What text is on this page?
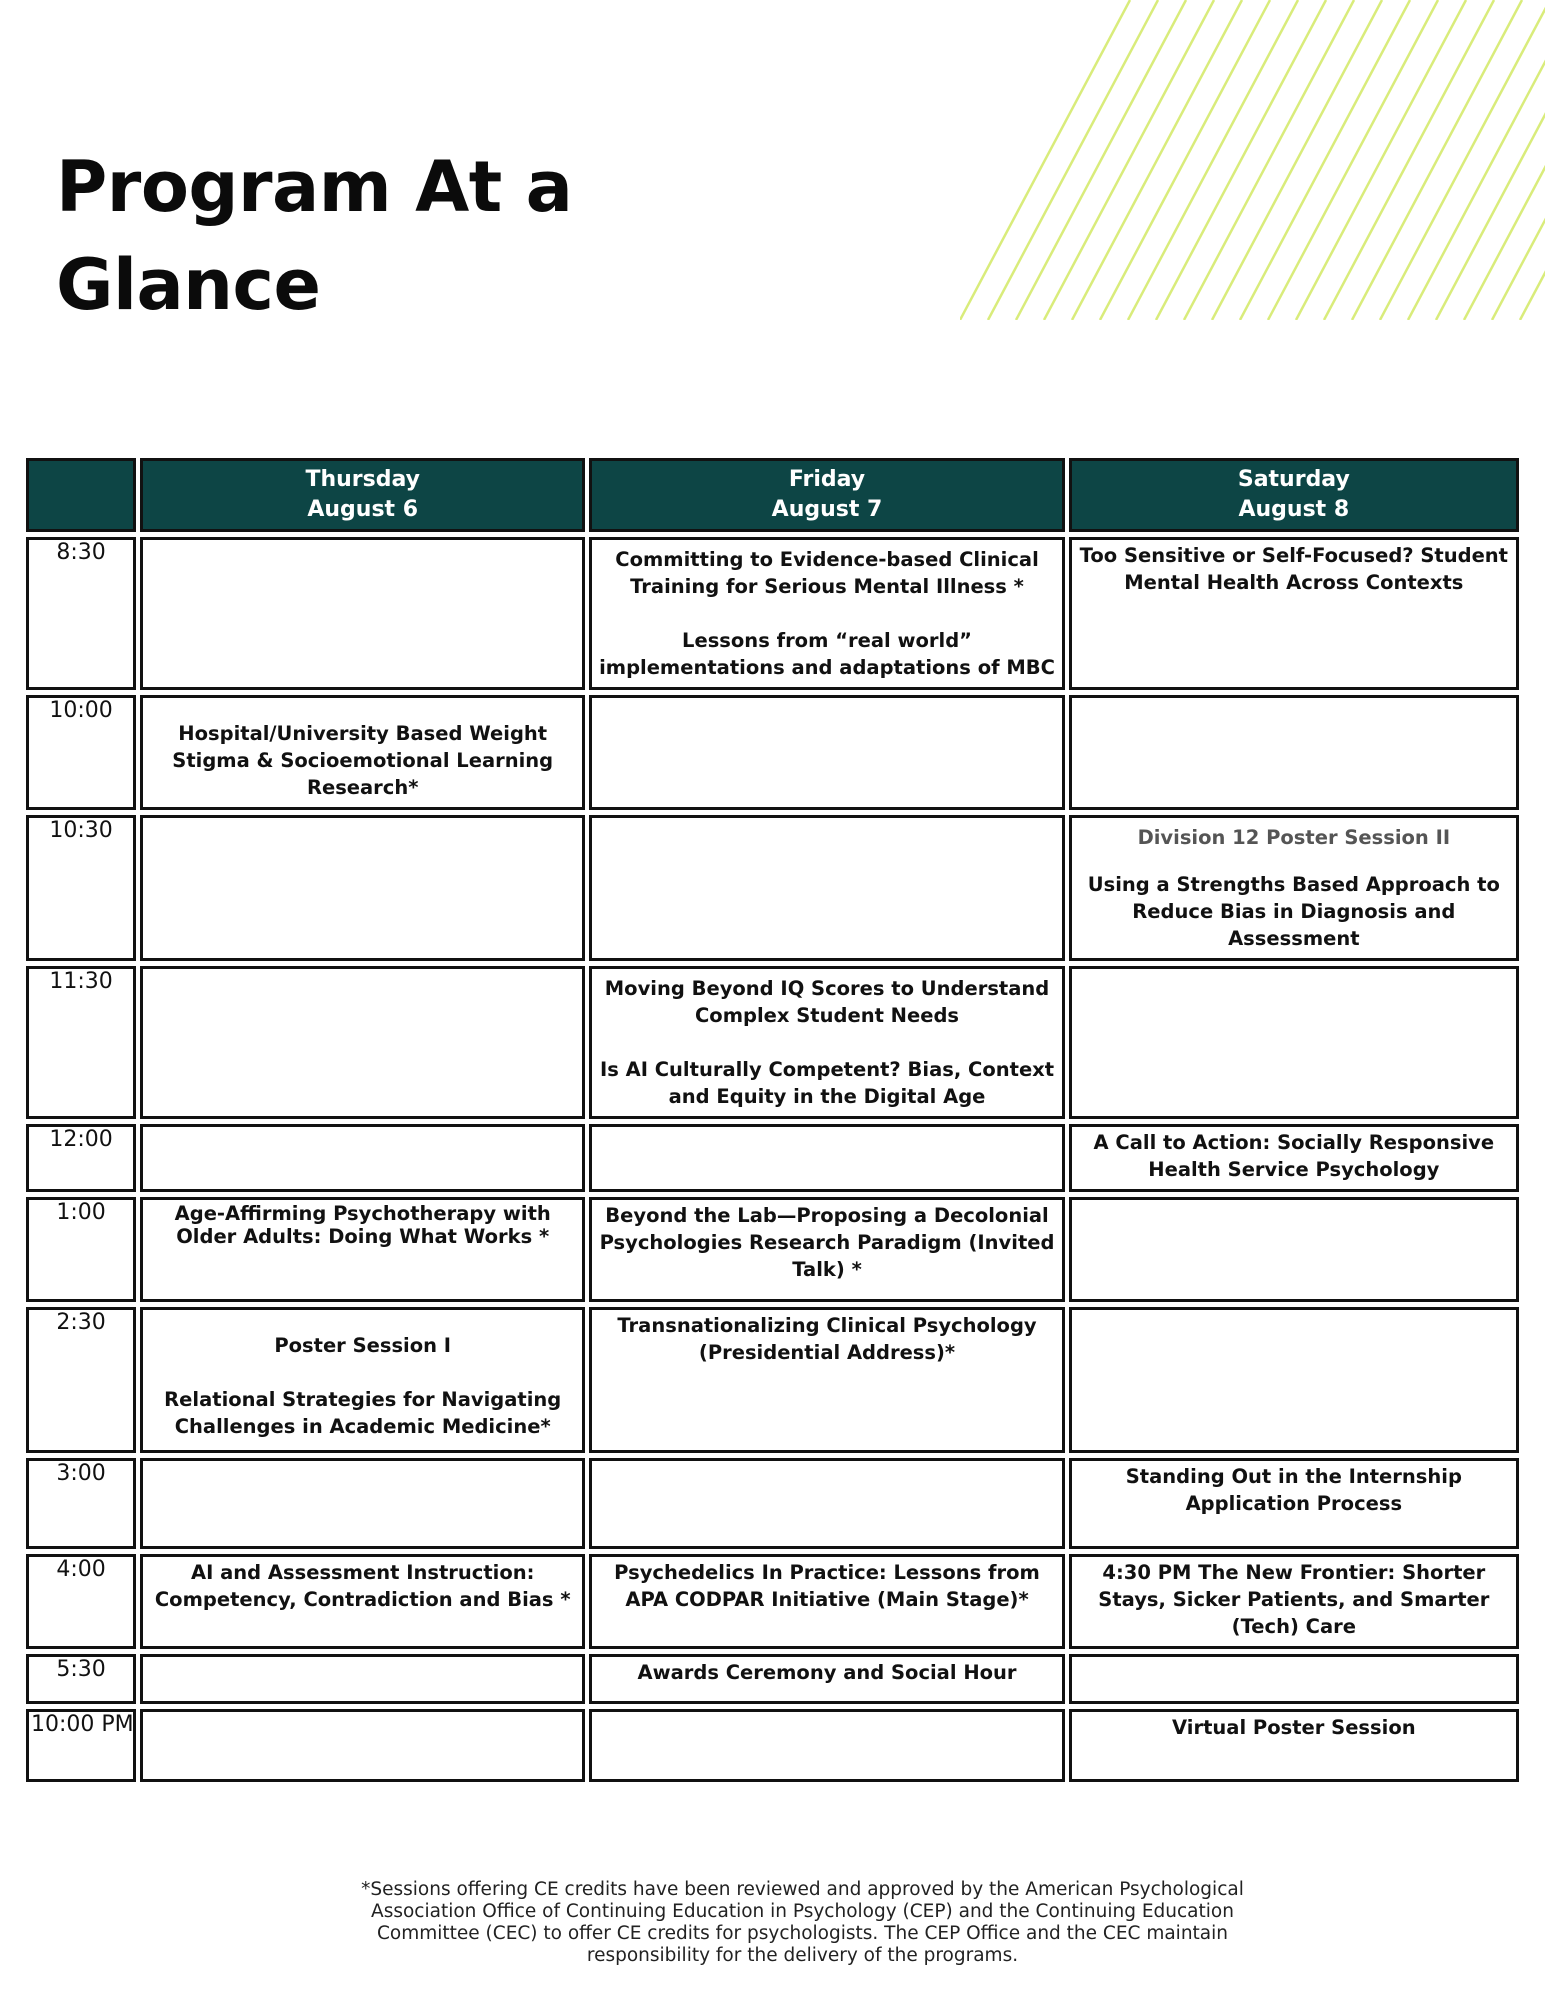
Program At a Glance

	Thursday
August 6	Friday
August 7	Saturday
August 8

8:30		Committing to Evidence-based Clinical Training for Serious Mental Illness *
Lessons from “real world” implementations and adaptations of MBC	Too Sensitive or Self-Focused? Student Mental Health Across Contexts

10:00	Hospital/University Based Weight Stigma & Socioemotional Learning Research*		

10:30			Division 12 Poster Session II
Using a Strengths Based Approach to Reduce Bias in Diagnosis and Assessment

11:30		Moving Beyond IQ Scores to Understand Complex Student Needs
Is AI Culturally Competent? Bias, Context and Equity in the Digital Age	

12:00			A Call to Action: Socially Responsive Health Service Psychology

1:00	Age-Affirming Psychotherapy with Older Adults: Doing What Works *	Beyond the Lab—Proposing a Decolonial Psychologies Research Paradigm (Invited Talk) *	

2:30	Poster Session I
Relational Strategies for Navigating Challenges in Academic Medicine*	Transnationalizing Clinical Psychology (Presidential Address)*	

3:00			Standing Out in the Internship Application Process

4:00	AI and Assessment Instruction: Competency, Contradiction and Bias *	Psychedelics In Practice: Lessons from APA CODPAR Initiative (Main Stage)*	4:30 PM The New Frontier: Shorter Stays, Sicker Patients, and Smarter (Tech) Care

5:30		Awards Ceremony and Social Hour	

10:00 PM			Virtual Poster Session
*Sessions offering CE credits have been reviewed and approved by the American Psychological Association Office of Continuing Education in Psychology (CEP) and the Continuing Education Committee (CEC) to offer CE credits for psychologists. The CEP Office and the CEC maintain responsibility for the delivery of the programs.
